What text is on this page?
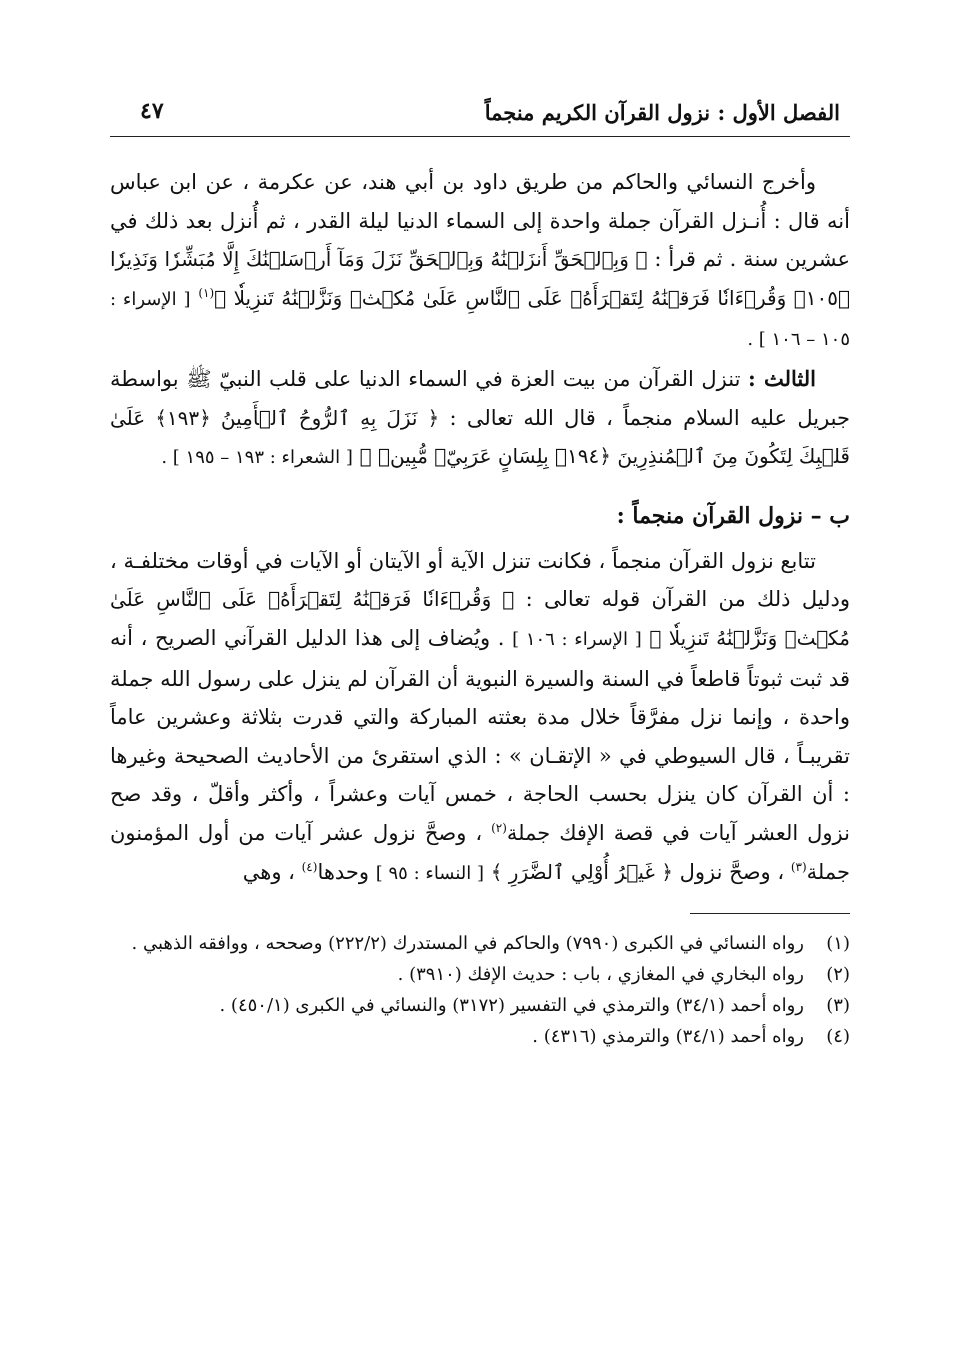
الفصل الأول : نزول القرآن الكريم منجماً
٤٧

وأخرج النسائي والحاكم من طريق داود بن أبي هند، عن عكرمة ، عن ابن عباس أنه قال : أُنـزل القرآن جملة واحدة إلى السماء الدنيا ليلة القدر ، ثم أُنزل بعد ذلك في عشرين سنة . ثم قرأ : ﴿ وَبِٱلۡحَقِّ أَنزَلۡنَٰهُ وَبِٱلۡحَقِّ نَزَلَ وَمَآ أَرۡسَلۡنَٰكَ إِلَّا مُبَشِّرٗا وَنَذِيرٗا ﴿١٠٥﴾ وَقُرۡءَانٗا فَرَقۡنَٰهُ لِتَقۡرَأَهُۥ عَلَى ٱلنَّاسِ عَلَىٰ مُكۡثٖ وَنَزَّلۡنَٰهُ تَنزِيلٗا ﴾$^{(١)}$ [ الإسراء : ١٠٥ – ١٠٦ ] .

الثالث : تنزل القرآن من بيت العزة في السماء الدنيا على قلب النبيّ ﷺ بواسطة جبريل عليه السلام منجماً ، قال الله تعالى : ﴿ نَزَلَ بِهِ ٱلرُّوحُ ٱلۡأَمِينُ ﴿١٩٣﴾ عَلَىٰ قَلۡبِكَ لِتَكُونَ مِنَ ٱلۡمُنذِرِينَ ﴿١٩٤﴾ بِلِسَانٍ عَرَبِيّٖ مُّبِينٖ ﴾ [ الشعراء : ١٩٣ – ١٩٥ ] .

ب – نزول القرآن منجماً :

تتابع نزول القرآن منجماً ، فكانت تنزل الآية أو الآيتان أو الآيات في أوقات مختلفـة ، ودليل ذلك من القرآن قوله تعالى : ﴿ وَقُرۡءَانٗا فَرَقۡنَٰهُ لِتَقۡرَأَهُۥ عَلَى ٱلنَّاسِ عَلَىٰ مُكۡثٖ وَنَزَّلۡنَٰهُ تَنزِيلٗا ﴾ [ الإسراء : ١٠٦ ] . ويُضاف إلى هذا الدليل القرآني الصريح ، أنه قد ثبت ثبوتاً قاطعاً في السنة والسيرة النبوية أن القرآن لم ينزل على رسول الله جملة واحدة ، وإنما نزل مفرَّقاً خلال مدة بعثته المباركة والتي قدرت بثلاثة وعشرين عاماً تقريبـاً ، قال السيوطي في « الإتقـان » : الذي استقرئ من الأحاديث الصحيحة وغيرها : أن القرآن كان ينزل بحسب الحاجة ، خمس آيات وعشراً ، وأكثر وأقلّ ، وقد صح نزول العشر آيات في قصة الإفك جملة$^{(٢)}$ ، وصحَّ نزول عشر آيات من أول المؤمنون جملة$^{(٣)}$ ، وصحَّ نزول ﴿ غَيۡرُ أُوْلِي ٱلضَّرَرِ ﴾ [ النساء : ٩٥ ] وحدها$^{(٤)}$ ، وهي

(١)
رواه النسائي في الكبرى (٧٩٩٠) والحاكم في المستدرك (٢٢٢/٢) وصححه ، ووافقه الذهبي .
(٢)
رواه البخاري في المغازي ، باب : حديث الإفك (٣٩١٠) .
(٣)
رواه أحمد (٣٤/١) والترمذي في التفسير (٣١٧٢) والنسائي في الكبرى (٤٥٠/١) .
(٤)
رواه أحمد (٣٤/١) والترمذي (٤٣١٦) .
